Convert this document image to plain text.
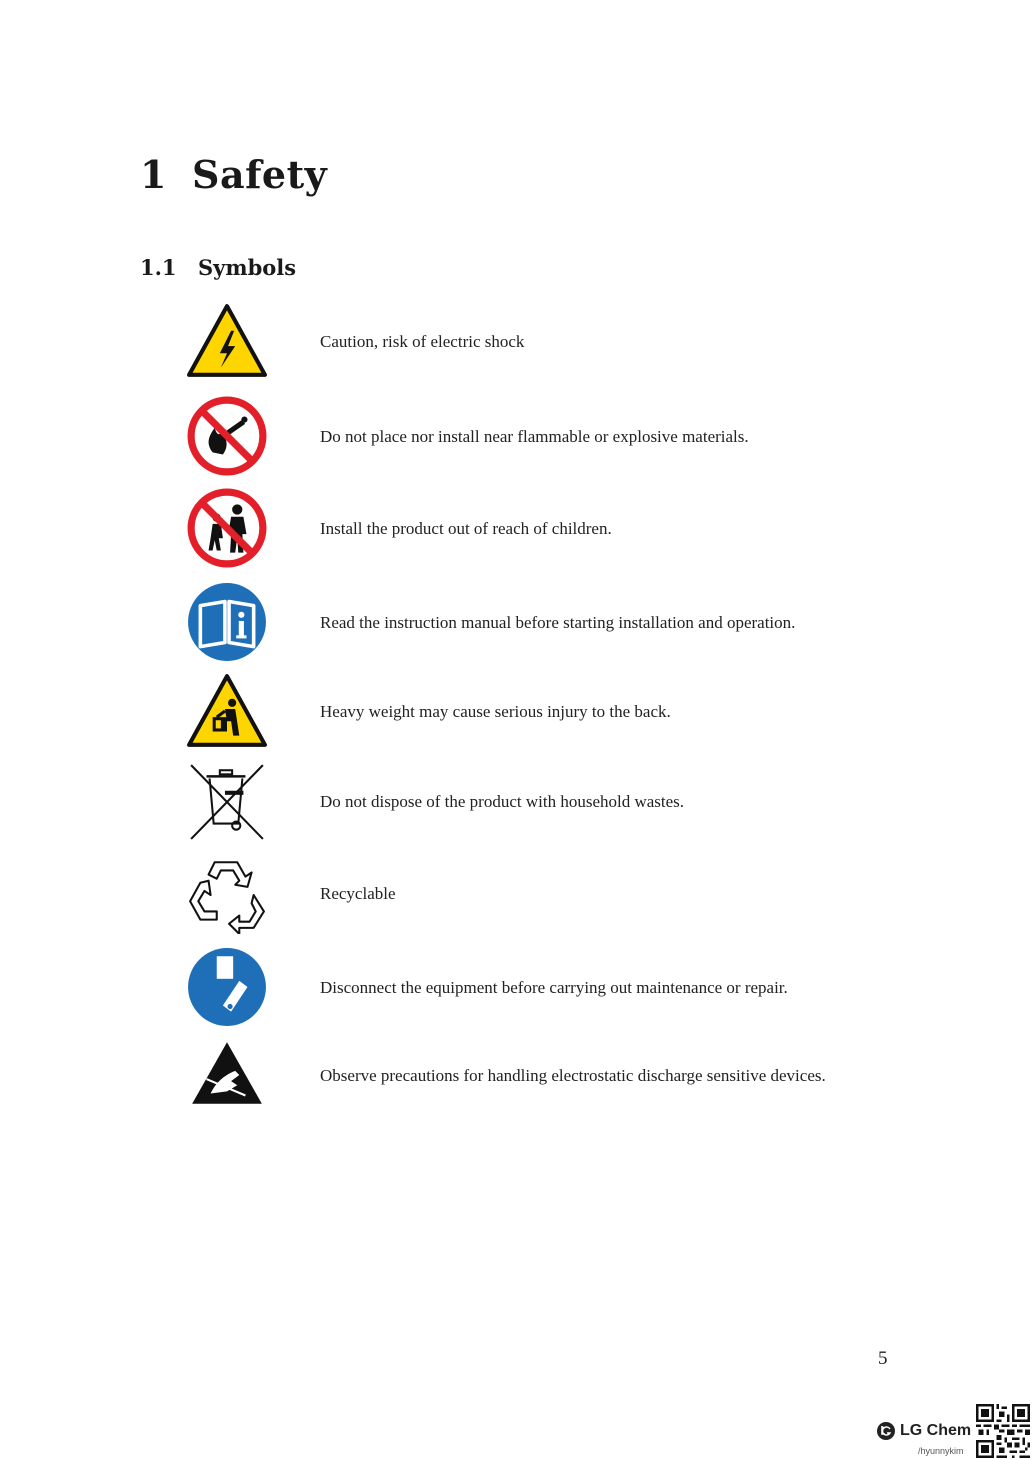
1 Safety
1.1 Symbols
Caution, risk of electric shock
Do not place nor install near flammable or explosive materials.
Install the product out of reach of children.
Read the instruction manual before starting installation and operation.
Heavy weight may cause serious injury to the back.
Do not dispose of the product with household wastes.
Recyclable
Disconnect the equipment before carrying out maintenance or repair.
Observe precautions for handling electrostatic discharge sensitive devices.
5
LG Chem
/hyunnykim
